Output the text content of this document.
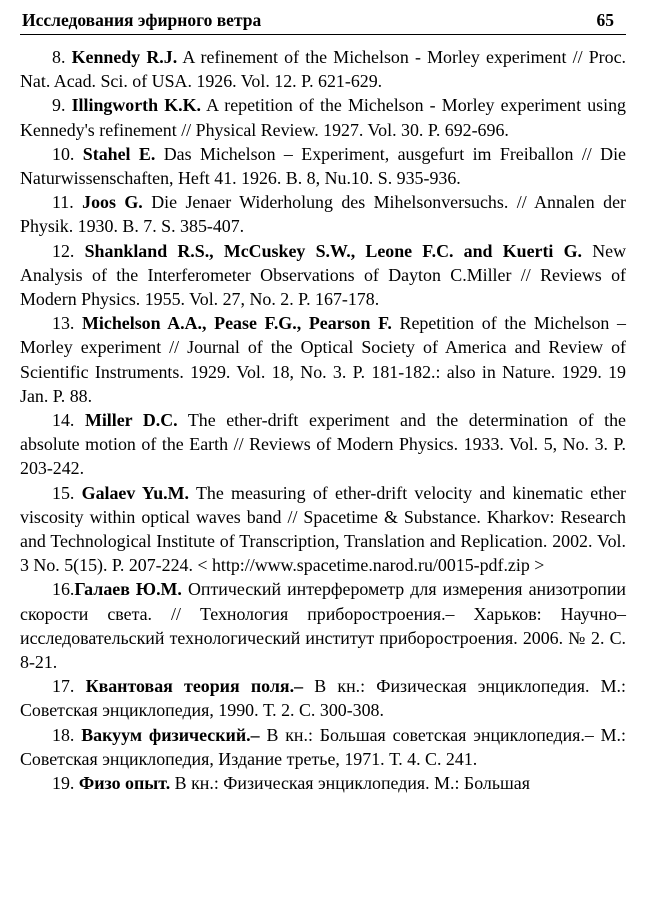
Исследования эфирного ветра	65

8. Kennedy R.J. A refinement of the Michelson - Morley experiment // Proc. Nat. Acad. Sci. of USA. 1926. Vol. 12. P. 621-629.

9. Illingworth K.K. A repetition of the Michelson - Morley experiment using Kennedy's refinement // Physical Review. 1927. Vol. 30. P. 692-696.

10. Stahel E. Das Michelson – Experiment, ausgefurt im Freiballon // Die Naturwissenschaften, Heft 41. 1926. B. 8, Nu.10. S. 935-936.

11. Joos G. Die Jenaer Widerholung des Mihelsonversuchs. // Annalen der Physik. 1930. B. 7. S. 385-407.

12. Shankland R.S., McCuskey S.W., Leone F.C. and Kuerti G. New Analysis of the Interferometer Observations of Dayton C.Miller // Reviews of Modern Physics. 1955. Vol. 27, No. 2. P. 167-178.

13. Michelson A.A., Pease F.G., Pearson F. Repetition of the Michelson – Morley experiment // Journal of the Optical Society of America and Review of Scientific Instruments. 1929. Vol. 18, No. 3. P. 181-182.: also in Nature. 1929. 19 Jan. P. 88.

14. Miller D.C. The ether-drift experiment and the determination of the absolute motion of the Earth // Reviews of Modern Physics. 1933. Vol. 5, No. 3. P. 203-242.

15. Galaev Yu.M. The measuring of ether-drift velocity and kinematic ether viscosity within optical waves band // Spacetime & Substance. Kharkov: Research and Technological Institute of Transcription, Translation and Replication. 2002. Vol. 3 No. 5(15). P. 207-224. < http://www.spacetime.narod.ru/0015-pdf.zip >

16.Галаев Ю.М. Оптический интерферометр для измерения анизотропии скорости света. // Технология приборостроения.– Харьков: Научно–исследовательский технологический институт приборостроения. 2006. № 2. С. 8-21.

17. Квантовая теория поля.– В кн.: Физическая энциклопедия. М.: Советская энциклопедия, 1990. Т. 2. С. 300-308.

18. Вакуум физический.– В кн.: Большая советская энциклопедия.– М.: Советская энциклопедия, Издание третье, 1971. Т. 4. С. 241.

19. Физо опыт. В кн.: Физическая энциклопедия. М.: Большая
